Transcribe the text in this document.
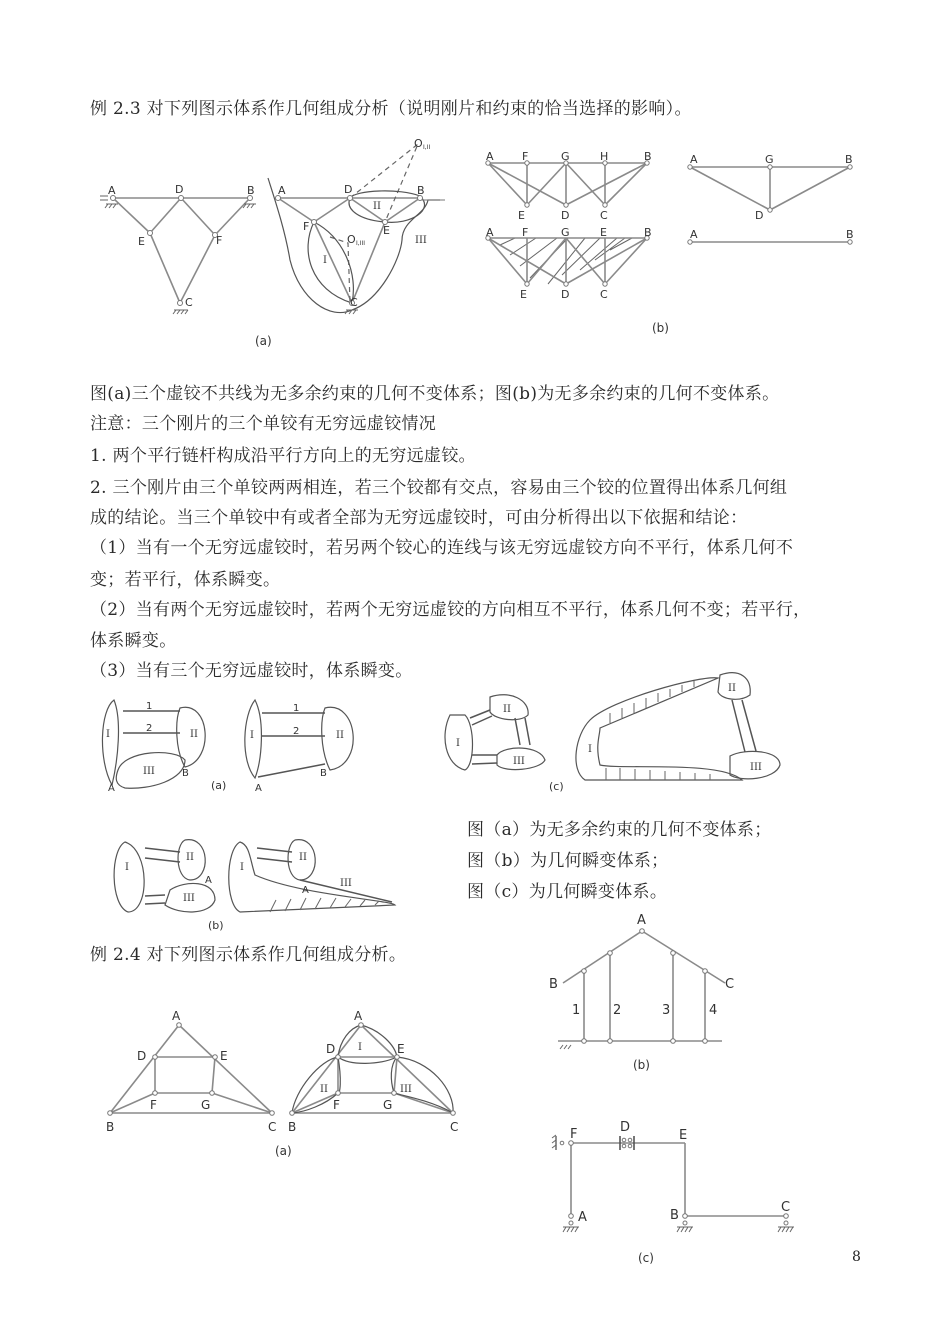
例 2.3 对下列图示体系作几何组成分析（说明刚片和约束的恰当选择的影响）。
A	D	B
E	F
C
A	D	B
F	E
C
O I,II
O I,III
I
II
III
(a)
A	F	G	H	B
E	D	C
A	G	B
D
A	F	G	E	B
E	D	C
A	B
(b)
图(a)三个虚铰不共线为无多余约束的几何不变体系；图(b)为无多余约束的几何不变体系。
注意：三个刚片的三个单铰有无穷远虚铰情况
1. 两个平行链杆构成沿平行方向上的无穷远虚铰。
2. 三个刚片由三个单铰两两相连，若三个铰都有交点，容易由三个铰的位置得出体系几何组
成的结论。当三个单铰中有或者全部为无穷远虚铰时，可由分析得出以下依据和结论：
（1）当有一个无穷远虚铰时，若另两个铰心的连线与该无穷远虚铰方向不平行，体系几何不
变；若平行，体系瞬变。
（2）当有两个无穷远虚铰时，若两个无穷远虚铰的方向相互不平行，体系几何不变；若平行，
体系瞬变。
（3）当有三个无穷远虚铰时，体系瞬变。
I	II
III
1
2
A
B
(a)
I	II
1
2
A
B
I
II
III
A
(b)
I
II
III
A
I
II
III
(c)
I
II
III
图（a）为无多余约束的几何不变体系；
图（b）为几何瞬变体系；
图（c）为几何瞬变体系。
例 2.4 对下列图示体系作几何组成分析。
A
D	E
F	G
B	C
A
D	E
F	G
B	C
I
II	III
(a)
A
B	C
1	2	3	4
(b)
F	D
E
A	B
C
(c)	8
